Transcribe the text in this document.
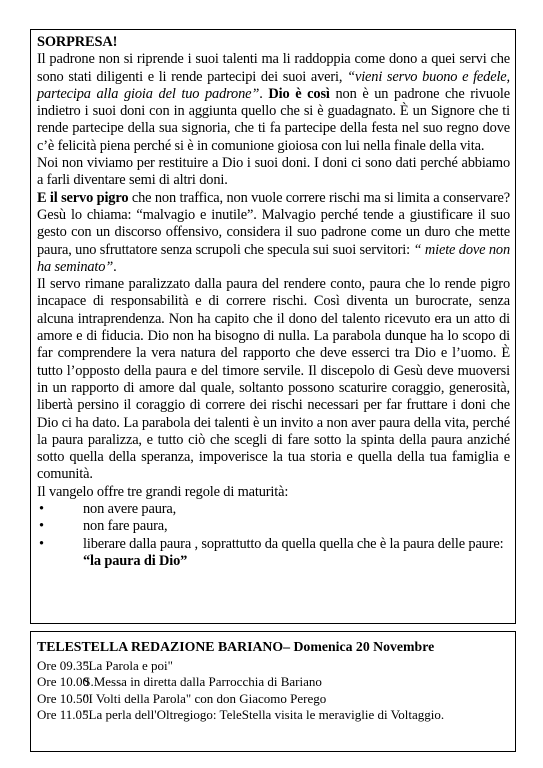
SORPRESA!

Il padrone non si riprende i suoi talenti ma li raddoppia come dono a quei servi che sono stati diligenti e li rende partecipi dei suoi averi, “vieni servo buono e fedele, partecipa alla gioia del tuo padrone”. Dio è così non è un padrone che rivuole indietro i suoi doni con in aggiunta quello che si è guadagnato. È un Signore che ti rende partecipe della sua signoria, che ti fa partecipe della festa nel suo regno dove c’è felicità piena perché si è in comunione gioiosa con lui nella finale della vita.

Noi non viviamo per restituire a Dio i suoi doni. I doni ci sono dati perché abbiamo a farli diventare semi di altri doni.

E il servo pigro che non traffica, non vuole correre rischi ma si limita a conservare? Gesù lo chiama: “malvagio e inutile”. Malvagio perché tende a giustificare il suo gesto con un discorso offensivo, considera il suo padrone come un duro che mette paura, uno sfruttatore senza scrupoli che specula sui suoi servitori: “ miete dove non ha seminato”.

Il servo rimane paralizzato dalla paura del rendere conto, paura che lo rende pigro incapace di responsabilità e di correre rischi. Così diventa un burocrate, senza alcuna intraprendenza. Non ha capito che il dono del talento ricevuto era un atto di amore e di fiducia. Dio non ha bisogno di nulla. La parabola dunque ha lo scopo di far comprendere la vera natura del rapporto che deve esserci tra Dio e l’uomo. È tutto l’opposto della paura e del timore servile. Il discepolo di Gesù deve muoversi in un rapporto di amore dal quale, soltanto possono scaturire coraggio, generosità, libertà persino il coraggio di correre dei rischi necessari per far fruttare i doni che Dio ci ha dato. La parabola dei talenti è un invito a non aver paura della vita, perché la paura paralizza, e tutto ciò che scegli di fare sotto la spinta della paura anziché sotto quella della speranza, impoverisce la tua storia e quella della tua famiglia e comunità.

Il vangelo offre tre grandi regole di maturità:

•	non avere paura,
•	non fare paura,
•	liberare dalla paura , soprattutto da quella quella che è la paura delle paure: “la paura di Dio”
TELESTELLA REDAZIONE BARIANO– Domenica 20 Novembre
Ore 09.35 "La Parola e poi"
Ore 10.00 S.Messa in diretta dalla Parrocchia di Bariano
Ore 10.50 "I Volti della Parola" con don Giacomo Perego
Ore 11.05 "La perla dell'Oltregiogo: TeleStella visita le meraviglie di Voltaggio.
